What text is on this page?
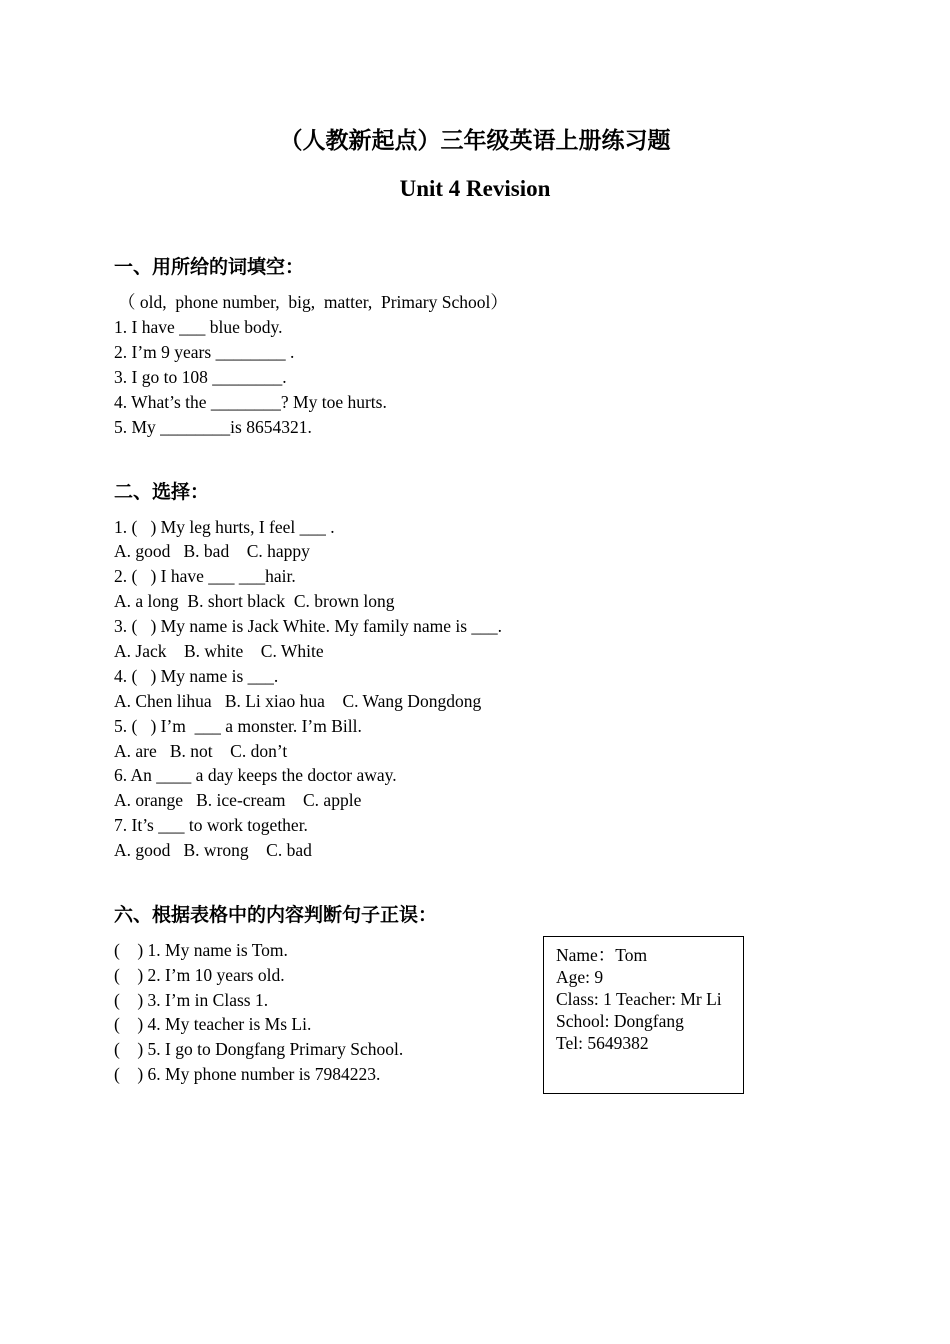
（人教新起点）三年级英语上册练习题
Unit 4 Revision
一、用所给的词填空：
（ old,  phone number,  big,  matter,  Primary School）
1. I have ___ blue body.
2. I’m 9 years ________ .
3. I go to 108 ________.
4. What’s the ________? My toe hurts.
5. My ________is 8654321.
二、选择：
1. (   ) My leg hurts, I feel ___ .
A. good   B. bad    C. happy
2. (   ) I have ___ ___hair.
A. a long  B. short black  C. brown long
3. (   ) My name is Jack White. My family name is ___.
A. Jack    B. white    C. White
4. (   ) My name is ___.
A. Chen lihua   B. Li xiao hua    C. Wang Dongdong
5. (   ) I’m  ___ a monster. I’m Bill.
A. are   B. not    C. don’t
6. An ____ a day keeps the doctor away.
A. orange   B. ice-cream    C. apple
7. It’s ___ to work together.
A. good   B. wrong    C. bad
六、根据表格中的内容判断句子正误：
(    ) 1. My name is Tom.
(    ) 2. I’m 10 years old.
(    ) 3. I’m in Class 1.
(    ) 4. My teacher is Ms Li.
(    ) 5. I go to Dongfang Primary School.
(    ) 6. My phone number is 7984223.
Name：Tom
Age: 9
Class: 1 Teacher: Mr Li
School: Dongfang
Tel: 5649382
